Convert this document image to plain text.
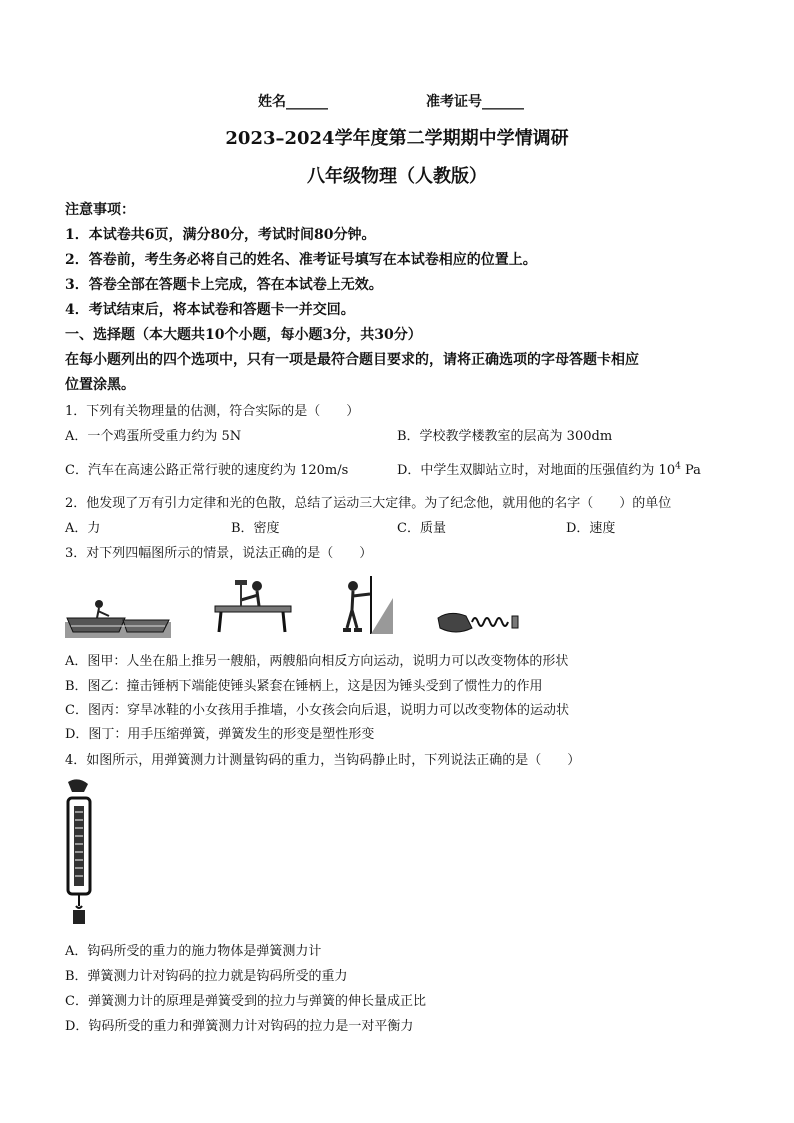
姓名______	准考证号______
2023–2024学年度第二学期期中学情调研
八年级物理（人教版）
注意事项：
1．本试卷共6页，满分80分，考试时间80分钟。
2．答卷前，考生务必将自己的姓名、准考证号填写在本试卷相应的位置上。
3．答卷全部在答题卡上完成，答在本试卷上无效。
4．考试结束后，将本试卷和答题卡一并交回。
一、选择题（本大题共10个小题，每小题3分，共30分）
在每小题列出的四个选项中，只有一项是最符合题目要求的，请将正确选项的字母答题卡相应
位置涂黑。
1．下列有关物理量的估测，符合实际的是（　　）
A．一个鸡蛋所受重力约为 5N	B．学校教学楼教室的层高为 300dm
C．汽车在高速公路正常行驶的速度约为 120m/s	D．中学生双脚站立时，对地面的压强值约为 $10^4$ Pa
2．他发现了万有引力定律和光的色散，总结了运动三大定律。为了纪念他，就用他的名字（　　）的单位
A．力	B．密度	C．质量	D．速度
3．对下列四幅图所示的情景，说法正确的是（　　）
A．图甲：人坐在船上推另一艘船，两艘船向相反方向运动，说明力可以改变物体的形状
B．图乙：撞击锤柄下端能使锤头紧套在锤柄上，这是因为锤头受到了惯性力的作用
C．图丙：穿旱冰鞋的小女孩用手推墙，小女孩会向后退，说明力可以改变物体的运动状
D．图丁：用手压缩弹簧，弹簧发生的形变是塑性形变
4．如图所示，用弹簧测力计测量钩码的重力，当钩码静止时，下列说法正确的是（　　）
A．钩码所受的重力的施力物体是弹簧测力计
B．弹簧测力计对钩码的拉力就是钩码所受的重力
C．弹簧测力计的原理是弹簧受到的拉力与弹簧的伸长量成正比
D．钩码所受的重力和弹簧测力计对钩码的拉力是一对平衡力
